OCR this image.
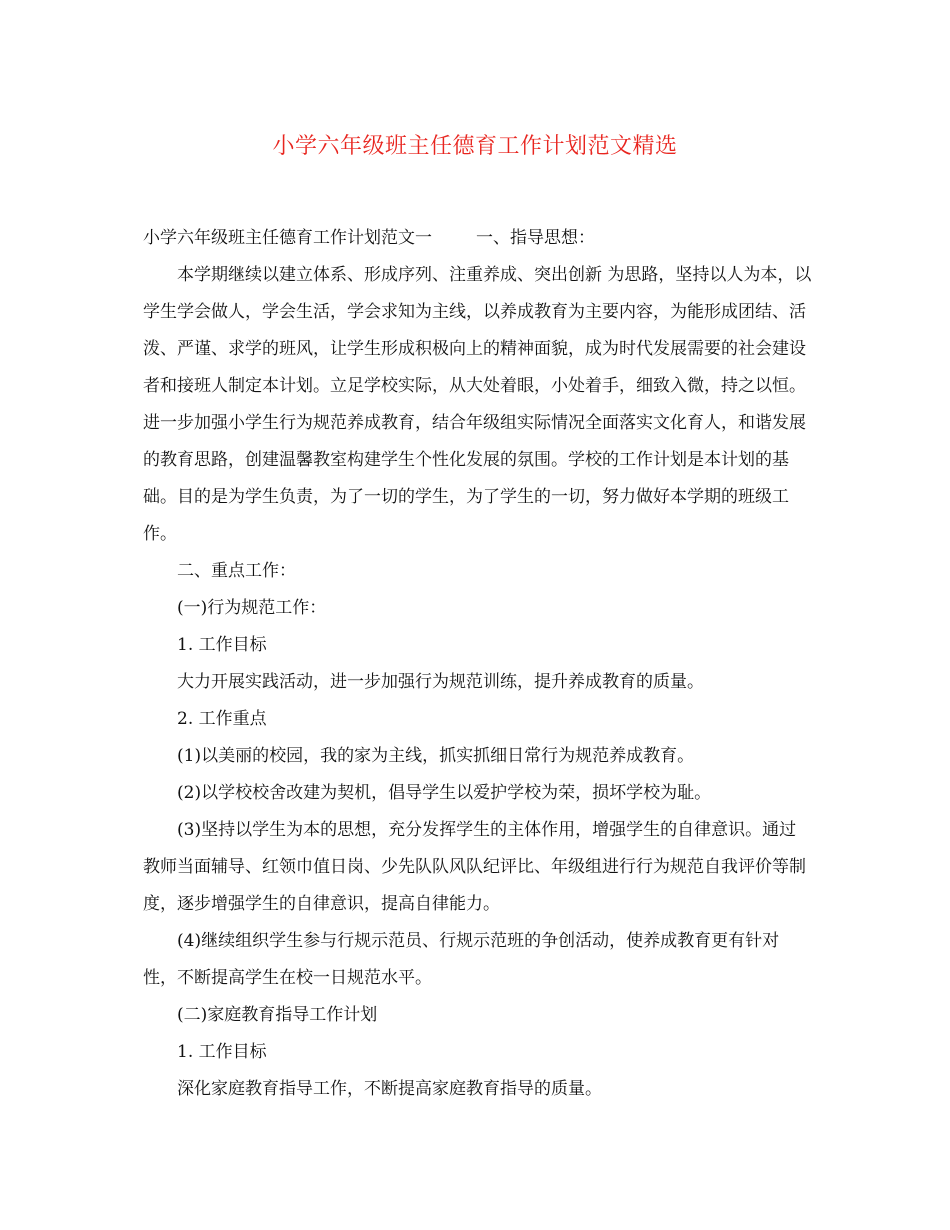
小学六年级班主任德育工作计划范文精选

小学六年级班主任德育工作计划范文一	一、指导思想：

本学期继续以建立体系、形成序列、注重养成、突出创新 为思路，坚持以人为本，以学生学会做人，学会生活，学会求知为主线，以养成教育为主要内容，为能形成团结、活泼、严谨、求学的班风，让学生形成积极向上的精神面貌，成为时代发展需要的社会建设者和接班人制定本计划。立足学校实际，从大处着眼，小处着手，细致入微，持之以恒。进一步加强小学生行为规范养成教育，结合年级组实际情况全面落实文化育人，和谐发展的教育思路，创建温馨教室构建学生个性化发展的氛围。学校的工作计划是本计划的基础。目的是为学生负责，为了一切的学生，为了学生的一切，努力做好本学期的班级工作。

二、重点工作：

(一)行为规范工作：

1. 工作目标

大力开展实践活动，进一步加强行为规范训练，提升养成教育的质量。

2. 工作重点

(1)以美丽的校园，我的家为主线，抓实抓细日常行为规范养成教育。

(2)以学校校舍改建为契机，倡导学生以爱护学校为荣，损坏学校为耻。

(3)坚持以学生为本的思想，充分发挥学生的主体作用，增强学生的自律意识。通过教师当面辅导、红领巾值日岗、少先队队风队纪评比、年级组进行行为规范自我评价等制度，逐步增强学生的自律意识，提高自律能力。

(4)继续组织学生参与行规示范员、行规示范班的争创活动，使养成教育更有针对性，不断提高学生在校一日规范水平。

(二)家庭教育指导工作计划

1. 工作目标

深化家庭教育指导工作，不断提高家庭教育指导的质量。
